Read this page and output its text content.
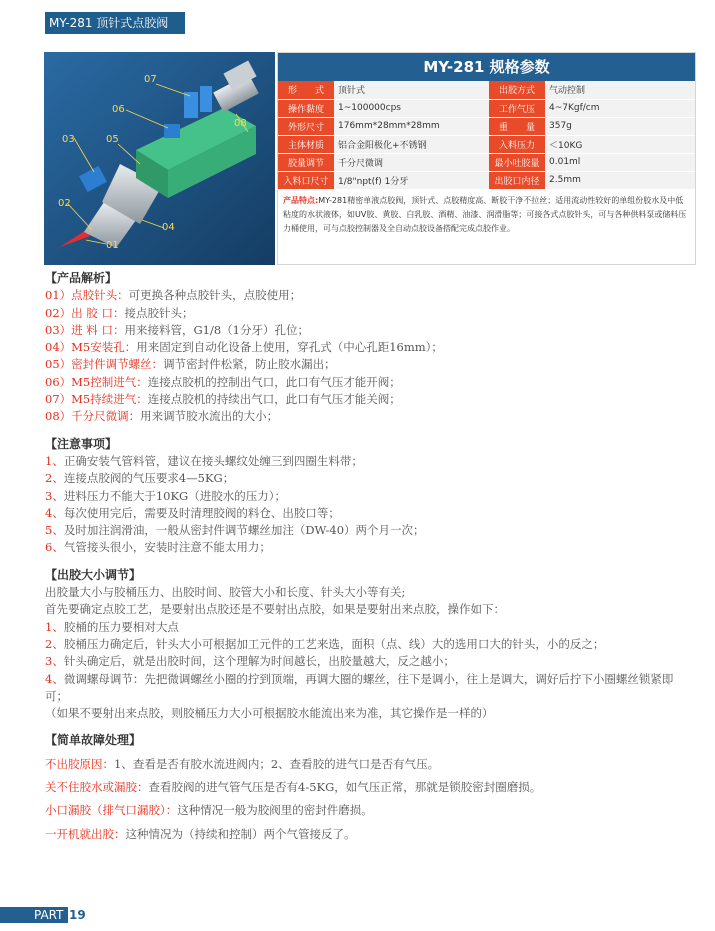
MY-281 顶针式点胶阀
07
06
08
03	05
02
04
01
MY-281 规格参数
形　　式	顶针式	出胶方式	气动控制
操作黏度	1~100000cps	工作气压	4~7Kgf/cm
外形尺寸	176mm*28mm*28mm	重　　量	357g
主体材质	铝合金阳极化+不锈钢	入料压力	＜10KG
胶量调节	千分尺微调	最小吐胶量	0.01ml
入料口尺寸	1/8"npt(f) 1分牙	出胶口内径	2.5mm
产品特点:MY-281精密单液点胶阀，顶针式、点胶精度高、断胶干净不拉丝；适用流动性较好的单组份胶水及中低粘度的水状液体，如UV胶、黄胶、白乳胶、酒精、油漆、润滑脂等；可接各式点胶针头，可与各种供料泵或储料压力桶使用，可与点胶控制器及全自动点胶设备搭配完成点胶作业。
【产品解析】
01）点胶针头：可更换各种点胶针头，点胶使用；
02）出 胶 口：接点胶针头；
03）进 料 口：用来接料管，G1/8（1分牙）孔位；
04）M5安装孔：用来固定到自动化设备上使用，穿孔式（中心孔距16mm）；
05）密封件调节螺丝：调节密封件松紧，防止胶水漏出；
06）M5控制进气：连接点胶机的控制出气口，此口有气压才能开阀；
07）M5持续进气：连接点胶机的持续出气口，此口有气压才能关阀；
08）千分尺微调：用来调节胶水流出的大小；
【注意事项】
1、正确安装气管料管，建议在接头螺纹处缠三到四圈生料带；
2、连接点胶阀的气压要求4—5KG；
3、进料压力不能大于10KG（进胶水的压力）；
4、每次使用完后，需要及时清理胶阀的料仓、出胶口等；
5、及时加注润滑油，一般从密封件调节螺丝加注（DW-40）两个月一次；
6、气管接头很小，安装时注意不能太用力；
【出胶大小调节】
出胶量大小与胶桶压力、出胶时间、胶管大小和长度、针头大小等有关;
首先要确定点胶工艺，是要射出点胶还是不要射出点胶，如果是要射出来点胶，操作如下：
1、胶桶的压力要相对大点
2、胶桶压力确定后，针头大小可根据加工元件的工艺来选，面积（点、线）大的选用口大的针头，小的反之；
3、针头确定后，就是出胶时间，这个理解为时间越长，出胶量越大，反之越小；
4、微调螺母调节：先把微调螺丝小圈的拧到顶端，再调大圈的螺丝，往下是调小，往上是调大，调好后拧下小圈螺丝锁紧即可；
（如果不要射出来点胶，则胶桶压力大小可根据胶水能流出来为准，其它操作是一样的）
【简单故障处理】
不出胶原因：1、查看是否有胶水流进阀内；2、查看胶的进气口是否有气压。
关不住胶水或漏胶：查看胶阀的进气管气压是否有4-5KG，如气压正常，那就是锁胶密封圈磨损。
小口漏胶（排气口漏胶）：这种情况一般为胶阀里的密封件磨损。
一开机就出胶：这种情况为（持续和控制）两个气管接反了。
PART 19
